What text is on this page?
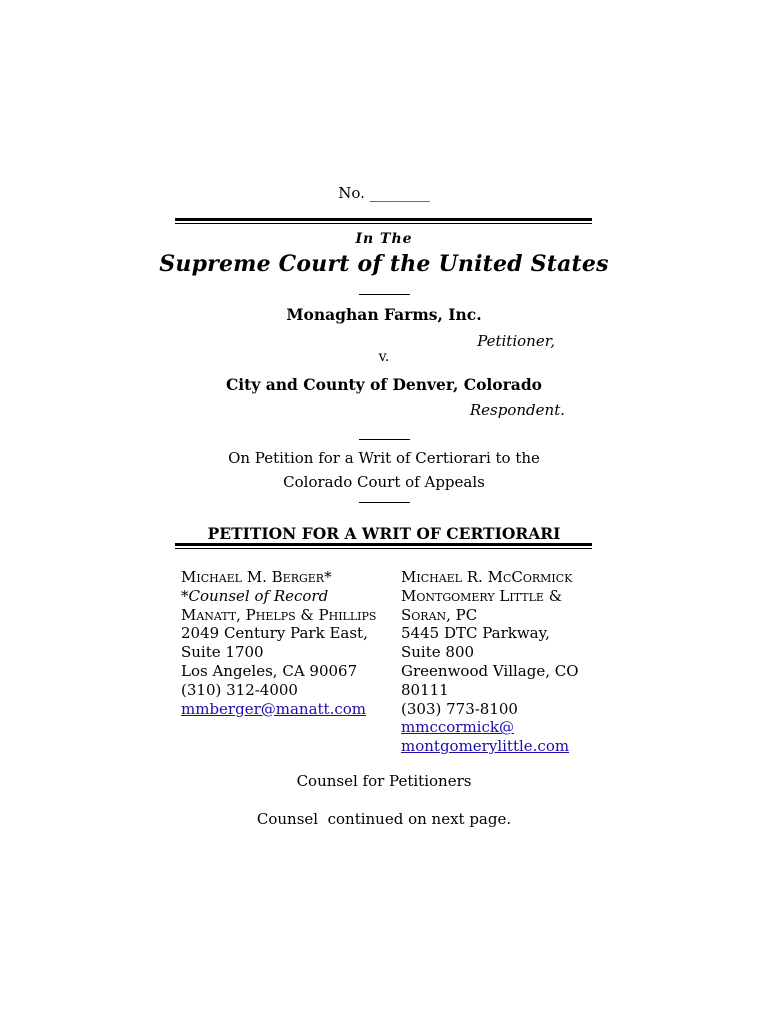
No. ________
In The
Supreme Court of the United States
Monaghan Farms, Inc.
Petitioner,
v.
City and County of Denver, Colorado
Respondent.
On Petition for a Writ of Certiorari to the
Colorado Court of Appeals
PETITION FOR A WRIT OF CERTIORARI
Michael M. Berger*
*Counsel of Record
Manatt, Phelps & Phillips
2049 Century Park East,
Suite 1700
Los Angeles, CA 90067
(310) 312-4000
mmberger@manatt.com
Michael R. McCormick
Montgomery Little &
Soran, PC
5445 DTC Parkway,
Suite 800
Greenwood Village, CO
80111
(303) 773-8100
mmccormick@
montgomerylittle.com
Counsel for Petitioners
Counsel  continued on next page.
